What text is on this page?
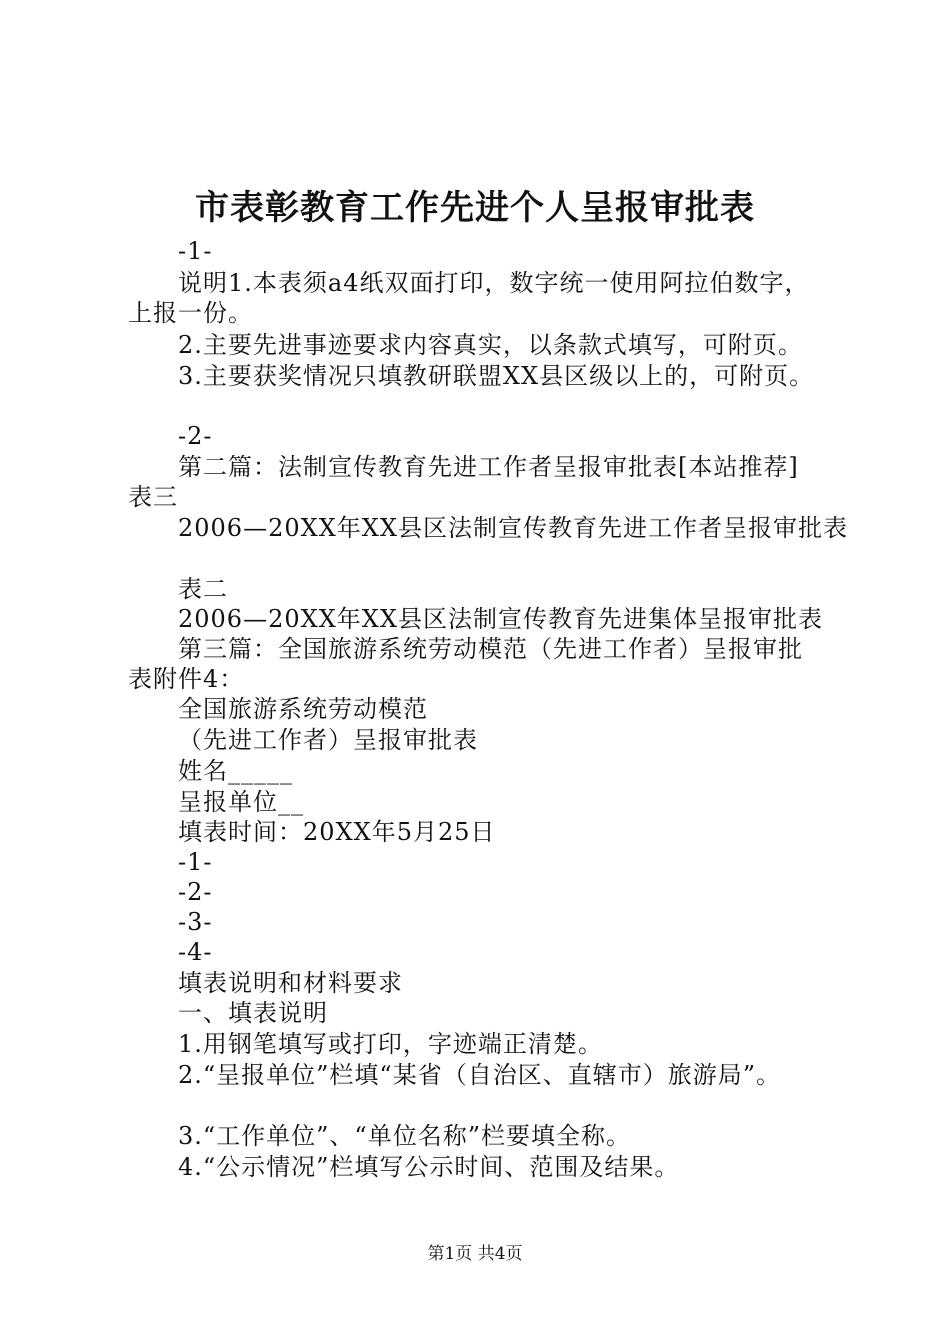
市表彰教育工作先进个人呈报审批表
-1-
说明1.本表须a4纸双面打印，数字统一使用阿拉伯数字，
上报一份。
2.主要先进事迹要求内容真实，以条款式填写，可附页。
3.主要获奖情况只填教研联盟XX县区级以上的，可附页。
-2-
第二篇：法制宣传教育先进工作者呈报审批表[本站推荐]
表三
2006—20XX年XX县区法制宣传教育先进工作者呈报审批表
表二
2006—20XX年XX县区法制宣传教育先进集体呈报审批表
第三篇：全国旅游系统劳动模范（先进工作者）呈报审批
表附件4：
全国旅游系统劳动模范
（先进工作者）呈报审批表
姓名_____
呈报单位__
填表时间：20XX年5月25日
-1-
-2-
-3-
-4-
填表说明和材料要求
一、填表说明
1.用钢笔填写或打印，字迹端正清楚。
2.“呈报单位”栏填“某省（自治区、直辖市）旅游局”。
3.“工作单位”、“单位名称”栏要填全称。
4.“公示情况”栏填写公示时间、范围及结果。
第1页 共4页
